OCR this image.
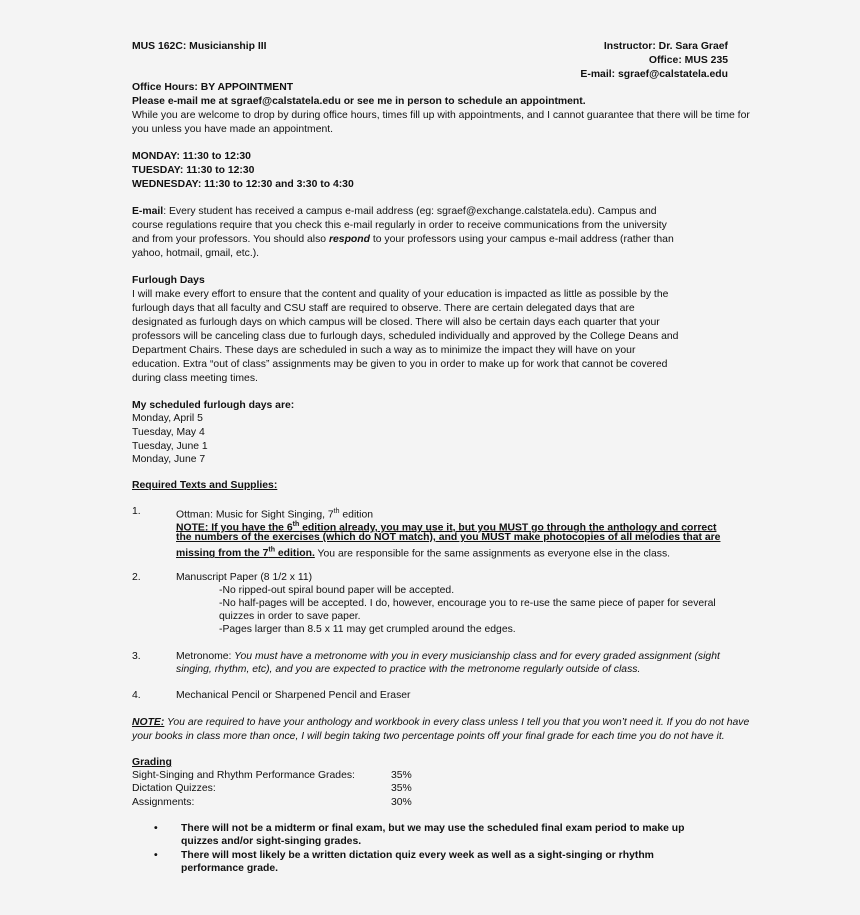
MUS 162C: Musicianship III	Instructor: Dr. Sara Graef
Office: MUS 235
E-mail: sgraef@calstatela.edu
Office Hours: BY APPOINTMENT
Please e-mail me at sgraef@calstatela.edu or see me in person to schedule an appointment.
While you are welcome to drop by during office hours, times fill up with appointments, and I cannot guarantee that there will be time for
you unless you have made an appointment.
MONDAY: 11:30 to 12:30
TUESDAY: 11:30 to 12:30
WEDNESDAY: 11:30 to 12:30 and 3:30 to 4:30
E-mail: Every student has received a campus e-mail address (eg: sgraef@exchange.calstatela.edu). Campus and
course regulations require that you check this e-mail regularly in order to receive communications from the university
and from your professors. You should also respond to your professors using your campus e-mail address (rather than
yahoo, hotmail, gmail, etc.).
Furlough Days
I will make every effort to ensure that the content and quality of your education is impacted as little as possible by the
furlough days that all faculty and CSU staff are required to observe. There are certain delegated days that are
designated as furlough days on which campus will be closed. There will also be certain days each quarter that your
professors will be canceling class due to furlough days, scheduled individually and approved by the College Deans and
Department Chairs. These days are scheduled in such a way as to minimize the impact they will have on your
education. Extra “out of class” assignments may be given to you in order to make up for work that cannot be covered
during class meeting times.
My scheduled furlough days are:
Monday, April 5
Tuesday, May 4
Tuesday, June 1
Monday, June 7
Required Texts and Supplies:
1.	Ottman: Music for Sight Singing, 7th edition
NOTE: If you have the 6th edition already, you may use it, but you MUST go through the anthology and correct
the numbers of the exercises (which do NOT match), and you MUST make photocopies of all melodies that are
missing from the 7th edition. You are responsible for the same assignments as everyone else in the class.
2.	Manuscript Paper (8 1/2 x 11)
-No ripped-out spiral bound paper will be accepted.
-No half-pages will be accepted. I do, however, encourage you to re-use the same piece of paper for several
quizzes in order to save paper.
-Pages larger than 8.5 x 11 may get crumpled around the edges.
3.	Metronome: You must have a metronome with you in every musicianship class and for every graded assignment (sight
singing, rhythm, etc), and you are expected to practice with the metronome regularly outside of class.
4.	Mechanical Pencil or Sharpened Pencil and Eraser
NOTE: You are required to have your anthology and workbook in every class unless I tell you that you won’t need it. If you do not have
your books in class more than once, I will begin taking two percentage points off your final grade for each time you do not have it.
Grading
Sight-Singing and Rhythm Performance Grades:	35%
Dictation Quizzes:	35%
Assignments:	30%
• There will not be a midterm or final exam, but we may use the scheduled final exam period to make up
quizzes and/or sight-singing grades.
• There will most likely be a written dictation quiz every week as well as a sight-singing or rhythm
performance grade.
